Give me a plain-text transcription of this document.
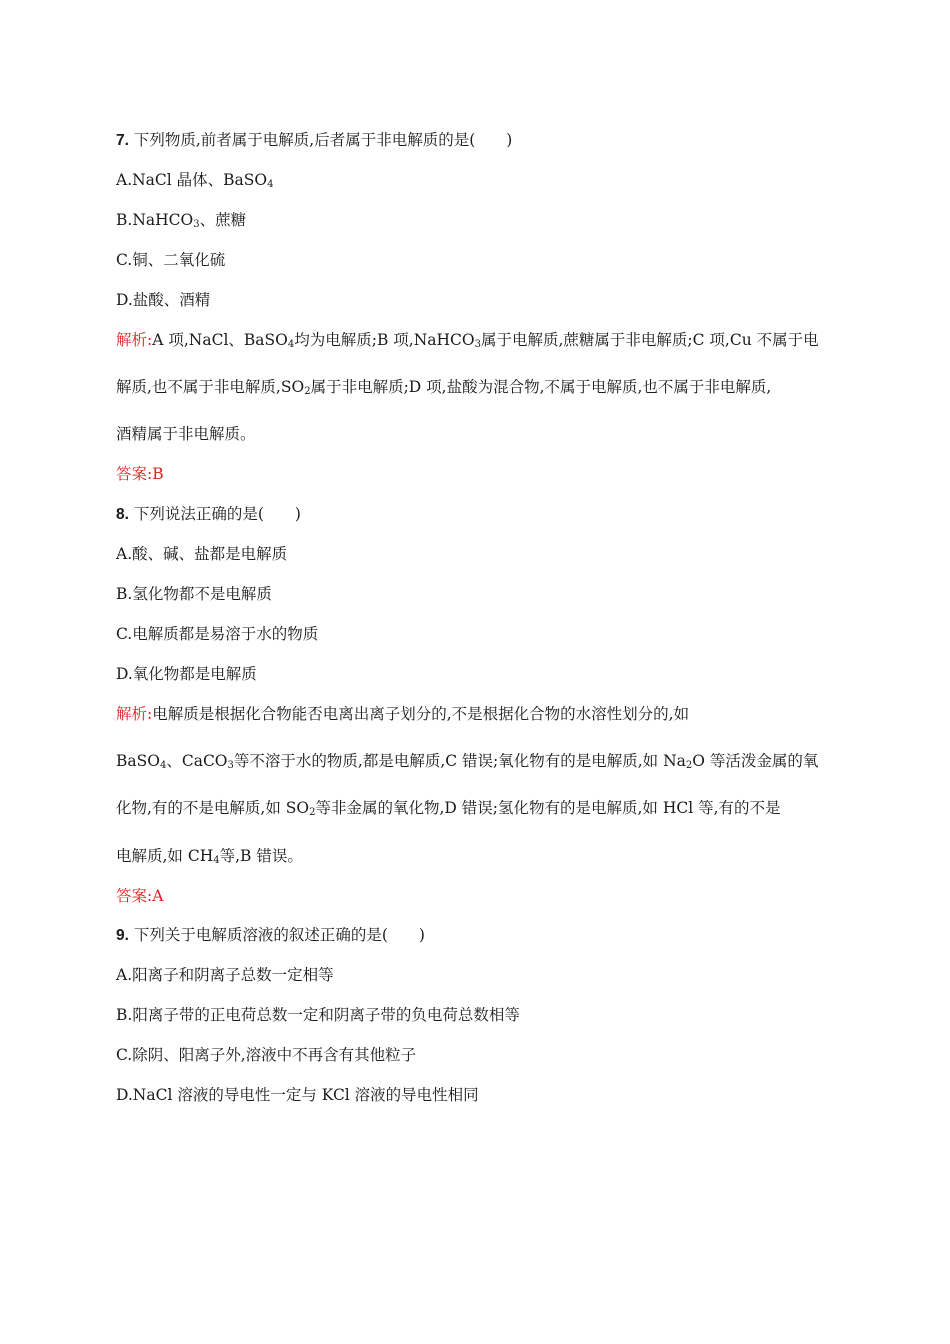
7. 下列物质,前者属于电解质,后者属于非电解质的是(　　)
A.NaCl 晶体、BaSO$_4$
B.NaHCO$_3$、蔗糖
C.铜、二氧化硫
D.盐酸、酒精
解析:A 项,NaCl、BaSO$_4$均为电解质;B 项,NaHCO$_3$属于电解质,蔗糖属于非电解质;C 项,Cu 不属于电
解质,也不属于非电解质$,SO_2$属于非电解质;D 项,盐酸为混合物,不属于电解质,也不属于非电解质,
酒精属于非电解质。
答案:B
8. 下列说法正确的是(　　)
A.酸、碱、盐都是电解质
B.氢化物都不是电解质
C.电解质都是易溶于水的物质
D.氧化物都是电解质
解析:电解质是根据化合物能否电离出离子划分的,不是根据化合物的水溶性划分的,如
BaSO$_4$、CaCO$_3$等不溶于水的物质,都是电解质,C 错误;氧化物有的是电解质,如 $Na_2O$ 等活泼金属的氧
化物,有的不是电解质,如 $SO_2$等非金属的氧化物,D 错误;氢化物有的是电解质,如 HCl 等,有的不是
电解质,如 $CH_4$等,B 错误。
答案:A
9. 下列关于电解质溶液的叙述正确的是(　　)
A.阳离子和阴离子总数一定相等
B.阳离子带的正电荷总数一定和阴离子带的负电荷总数相等
C.除阴、阳离子外,溶液中不再含有其他粒子
D.NaCl 溶液的导电性一定与 KCl 溶液的导电性相同
